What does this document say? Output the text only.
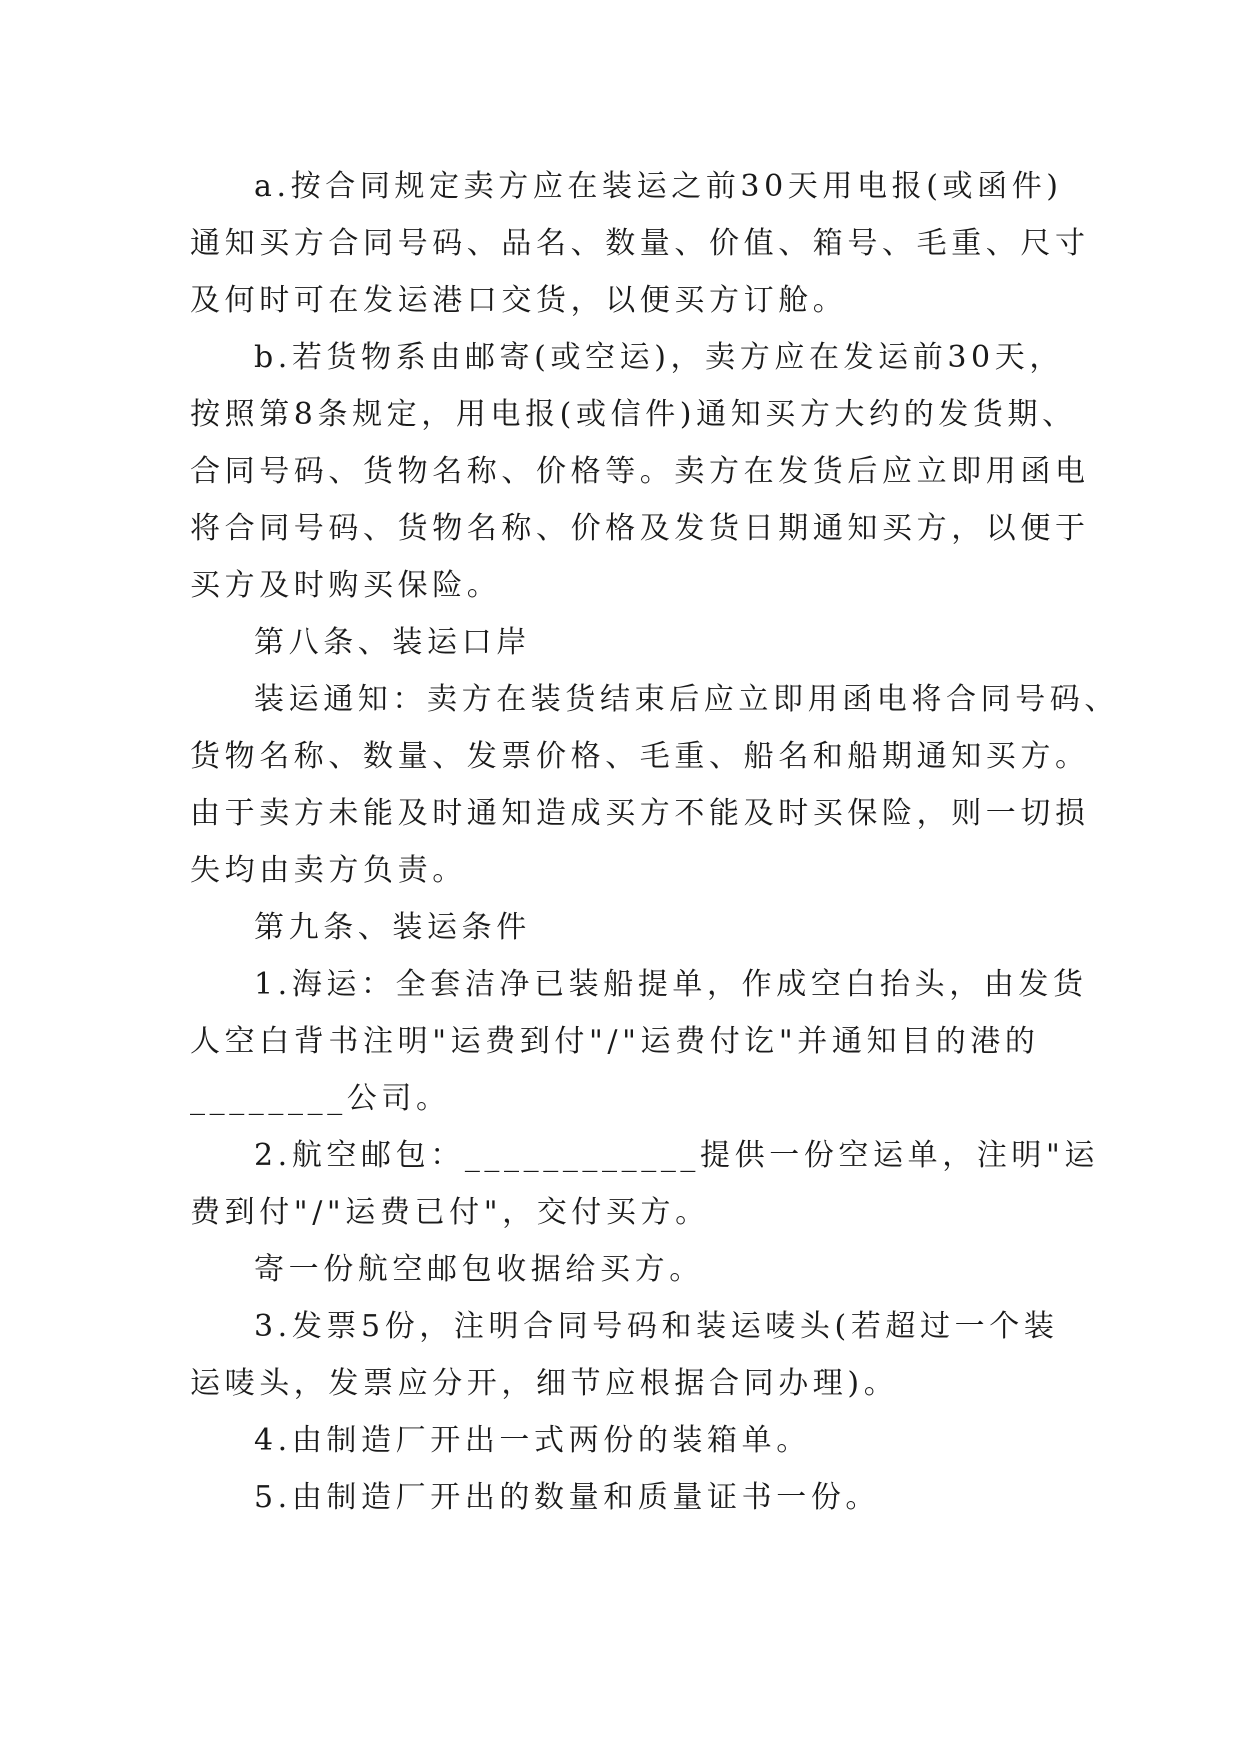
a.按合同规定卖方应在装运之前30天用电报(或函件)
通知买方合同号码、品名、数量、价值、箱号、毛重、尺寸
及何时可在发运港口交货，以便买方订舱。
b.若货物系由邮寄(或空运)，卖方应在发运前30天，
按照第8条规定，用电报(或信件)通知买方大约的发货期、
合同号码、货物名称、价格等。卖方在发货后应立即用函电
将合同号码、货物名称、价格及发货日期通知买方，以便于
买方及时购买保险。
第八条、装运口岸
装运通知：卖方在装货结束后应立即用函电将合同号码、
货物名称、数量、发票价格、毛重、船名和船期通知买方。
由于卖方未能及时通知造成买方不能及时买保险，则一切损
失均由卖方负责。
第九条、装运条件
1.海运：全套洁净已装船提单，作成空白抬头，由发货
人空白背书注明"运费到付"/"运费付讫"并通知目的港的
________公司。
2.航空邮包：____________提供一份空运单，注明"运
费到付"/"运费已付"，交付买方。
寄一份航空邮包收据给买方。
3.发票5份，注明合同号码和装运唛头(若超过一个装
运唛头，发票应分开，细节应根据合同办理)。
4.由制造厂开出一式两份的装箱单。
5.由制造厂开出的数量和质量证书一份。
